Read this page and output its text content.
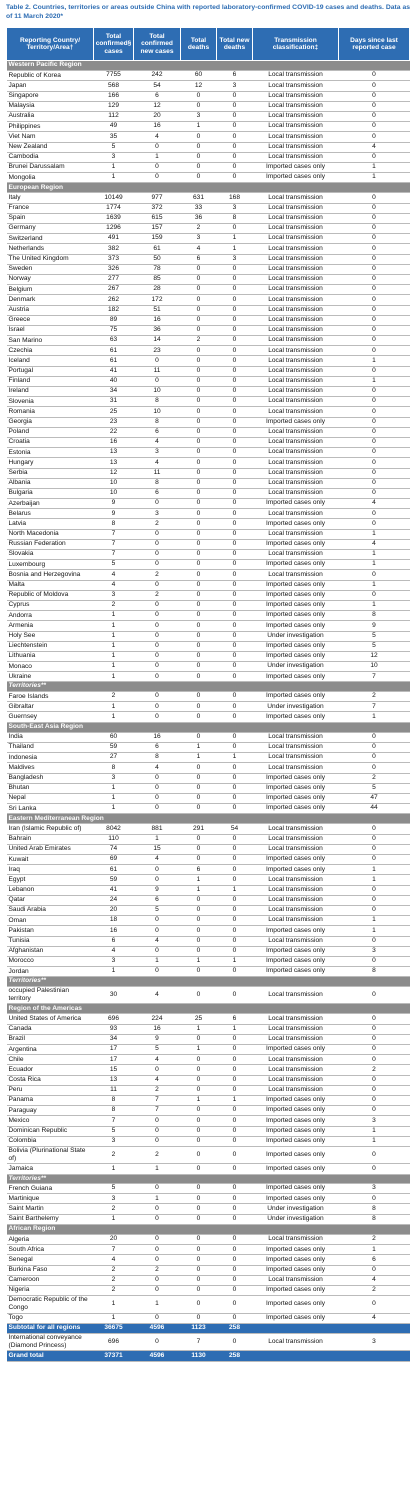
Table 2. Countries, territories or areas outside China with reported laboratory-confirmed COVID-19 cases and deaths. Data as of 11 March 2020*
Reporting Country/ Territory/Area†	Total confirmed§ cases	Total confirmed new cases	Total deaths	Total new deaths	Transmission classification‡	Days since last reported case
Western Pacific Region						
Republic of Korea	7755	242	60	6	Local transmission	0
Japan	568	54	12	3	Local transmission	0
Singapore	166	6	0	0	Local transmission	0
Malaysia	129	12	0	0	Local transmission	0
Australia	112	20	3	0	Local transmission	0
Philippines	49	16	1	0	Local transmission	0
Viet Nam	35	4	0	0	Local transmission	0
New Zealand	5	0	0	0	Local transmission	4
Cambodia	3	1	0	0	Local transmission	0
Brunei Darussalam	1	0	0	0	Imported cases only	1
Mongolia	1	0	0	0	Imported cases only	1
European Region						
Italy	10149	977	631	168	Local transmission	0
France	1774	372	33	3	Local transmission	0
Spain	1639	615	36	8	Local transmission	0
Germany	1296	157	2	0	Local transmission	0
Switzerland	491	159	3	1	Local transmission	0
Netherlands	382	61	4	1	Local transmission	0
The United Kingdom	373	50	6	3	Local transmission	0
Sweden	326	78	0	0	Local transmission	0
Norway	277	85	0	0	Local transmission	0
Belgium	267	28	0	0	Local transmission	0
Denmark	262	172	0	0	Local transmission	0
Austria	182	51	0	0	Local transmission	0
Greece	89	16	0	0	Local transmission	0
Israel	75	36	0	0	Local transmission	0
San Marino	63	14	2	0	Local transmission	0
Czechia	61	23	0	0	Local transmission	0
Iceland	61	0	0	0	Local transmission	1
Portugal	41	11	0	0	Local transmission	0
Finland	40	0	0	0	Local transmission	1
Ireland	34	10	0	0	Local transmission	0
Slovenia	31	8	0	0	Local transmission	0
Romania	25	10	0	0	Local transmission	0
Georgia	23	8	0	0	Imported cases only	0
Poland	22	6	0	0	Local transmission	0
Croatia	16	4	0	0	Local transmission	0
Estonia	13	3	0	0	Local transmission	0
Hungary	13	4	0	0	Local transmission	0
Serbia	12	11	0	0	Local transmission	0
Albania	10	8	0	0	Local transmission	0
Bulgaria	10	6	0	0	Local transmission	0
Azerbaijan	9	0	0	0	Imported cases only	4
Belarus	9	3	0	0	Local transmission	0
Latvia	8	2	0	0	Imported cases only	0
North Macedonia	7	0	0	0	Local transmission	1
Russian Federation	7	0	0	0	Imported cases only	4
Slovakia	7	0	0	0	Local transmission	1
Luxembourg	5	0	0	0	Imported cases only	1
Bosnia and Herzegovina	4	2	0	0	Local transmission	0
Malta	4	0	0	0	Imported cases only	1
Republic of Moldova	3	2	0	0	Imported cases only	0
Cyprus	2	0	0	0	Imported cases only	1
Andorra	1	0	0	0	Imported cases only	8
Armenia	1	0	0	0	Imported cases only	9
Holy See	1	0	0	0	Under investigation	5
Liechtenstein	1	0	0	0	Imported cases only	5
Lithuania	1	0	0	0	Imported cases only	12
Monaco	1	0	0	0	Under investigation	10
Ukraine	1	0	0	0	Imported cases only	7
Territories**						
Faroe Islands	2	0	0	0	Imported cases only	2
Gibraltar	1	0	0	0	Under investigation	7
Guernsey	1	0	0	0	Imported cases only	1
South-East Asia Region						
India	60	16	0	0	Local transmission	0
Thailand	59	6	1	0	Local transmission	0
Indonesia	27	8	1	1	Local transmission	0
Maldives	8	4	0	0	Local transmission	0
Bangladesh	3	0	0	0	Imported cases only	2
Bhutan	1	0	0	0	Imported cases only	5
Nepal	1	0	0	0	Imported cases only	47
Sri Lanka	1	0	0	0	Imported cases only	44
Eastern Mediterranean Region						
Iran (Islamic Republic of)	8042	881	291	54	Local transmission	0
Bahrain	110	1	0	0	Local transmission	0
United Arab Emirates	74	15	0	0	Local transmission	0
Kuwait	69	4	0	0	Imported cases only	0
Iraq	61	0	6	0	Imported cases only	1
Egypt	59	0	1	0	Local transmission	1
Lebanon	41	9	1	1	Local transmission	0
Qatar	24	6	0	0	Local transmission	0
Saudi Arabia	20	5	0	0	Local transmission	0
Oman	18	0	0	0	Local transmission	1
Pakistan	16	0	0	0	Imported cases only	1
Tunisia	6	4	0	0	Local transmission	0
Afghanistan	4	0	0	0	Imported cases only	3
Morocco	3	1	1	1	Imported cases only	0
Jordan	1	0	0	0	Imported cases only	8
Territories**						
occupied Palestinian territory	30	4	0	0	Local transmission	0
Region of the Americas						
United States of America	696	224	25	6	Local transmission	0
Canada	93	16	1	1	Local transmission	0
Brazil	34	9	0	0	Local transmission	0
Argentina	17	5	1	0	Imported cases only	0
Chile	17	4	0	0	Local transmission	0
Ecuador	15	0	0	0	Local transmission	2
Costa Rica	13	4	0	0	Local transmission	0
Peru	11	2	0	0	Local transmission	0
Panama	8	7	1	1	Imported cases only	0
Paraguay	8	7	0	0	Imported cases only	0
Mexico	7	0	0	0	Imported cases only	3
Dominican Republic	5	0	0	0	Imported cases only	1
Colombia	3	0	0	0	Imported cases only	1
Bolivia (Plurinational State of)	2	2	0	0	Imported cases only	0
Jamaica	1	1	0	0	Imported cases only	0
Territories**						
French Guiana	5	0	0	0	Imported cases only	3
Martinique	3	1	0	0	Imported cases only	0
Saint Martin	2	0	0	0	Under investigation	8
Saint Barthelemy	1	0	0	0	Under investigation	8
African Region						
Algeria	20	0	0	0	Local transmission	2
South Africa	7	0	0	0	Imported cases only	1
Senegal	4	0	0	0	Imported cases only	6
Burkina Faso	2	2	0	0	Imported cases only	0
Cameroon	2	0	0	0	Local transmission	4
Nigeria	2	0	0	0	Imported cases only	2
Democratic Republic of the Congo	1	1	0	0	Imported cases only	0
Togo	1	0	0	0	Imported cases only	4
Subtotal for all regions	36675	4596	1123	258		
International conveyance (Diamond Princess)	696	0	7	0	Local transmission	3
Grand total	37371	4596	1130	258		
